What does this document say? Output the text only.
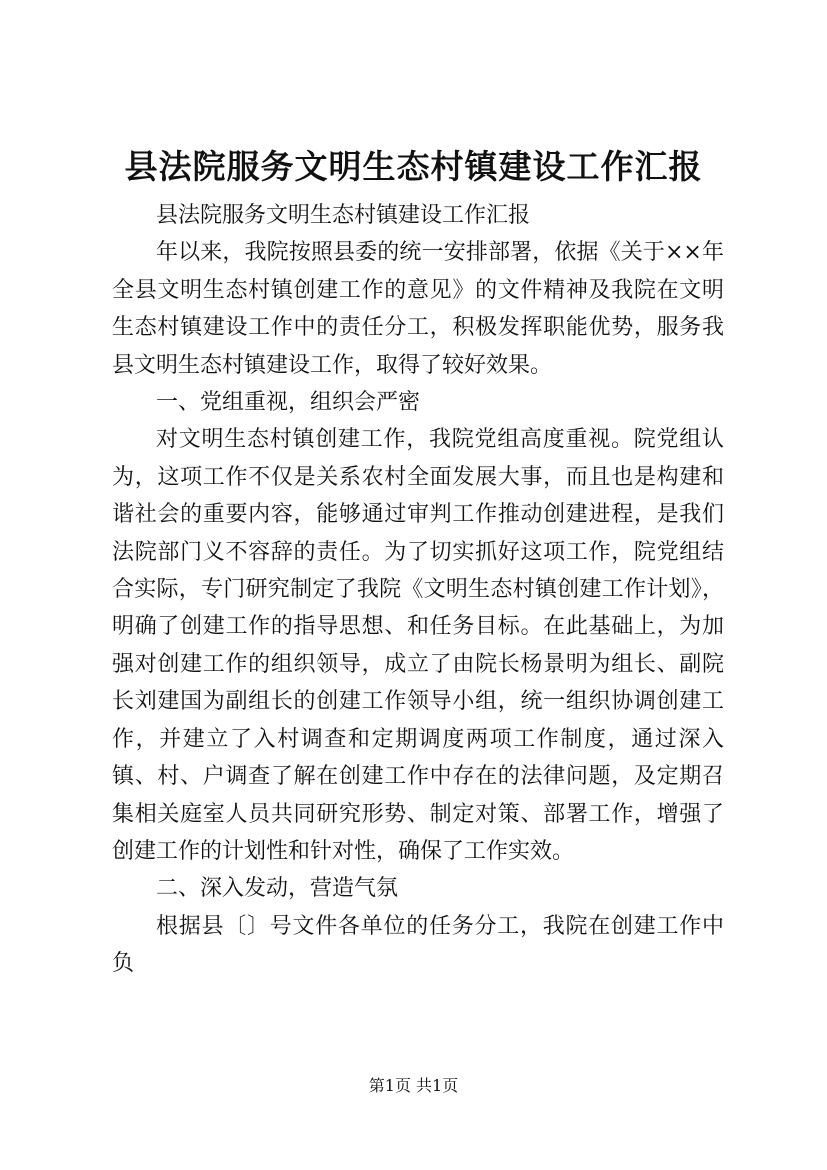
县法院服务文明生态村镇建设工作汇报

县法院服务文明生态村镇建设工作汇报

年以来，我院按照县委的统一安排部署，依据《关于××年全县文明生态村镇创建工作的意见》的文件精神及我院在文明生态村镇建设工作中的责任分工，积极发挥职能优势，服务我县文明生态村镇建设工作，取得了较好效果。

一、党组重视，组织会严密

对文明生态村镇创建工作，我院党组高度重视。院党组认为，这项工作不仅是关系农村全面发展大事，而且也是构建和谐社会的重要内容，能够通过审判工作推动创建进程，是我们法院部门义不容辞的责任。为了切实抓好这项工作，院党组结合实际，专门研究制定了我院《文明生态村镇创建工作计划》，明确了创建工作的指导思想、和任务目标。在此基础上，为加强对创建工作的组织领导，成立了由院长杨景明为组长、副院长刘建国为副组长的创建工作领导小组，统一组织协调创建工作，并建立了入村调查和定期调度两项工作制度，通过深入镇、村、户调查了解在创建工作中存在的法律问题，及定期召集相关庭室人员共同研究形势、制定对策、部署工作，增强了创建工作的计划性和针对性，确保了工作实效。

二、深入发动，营造气氛

根据县〔〕号文件各单位的任务分工，我院在创建工作中负

第1页 共1页
